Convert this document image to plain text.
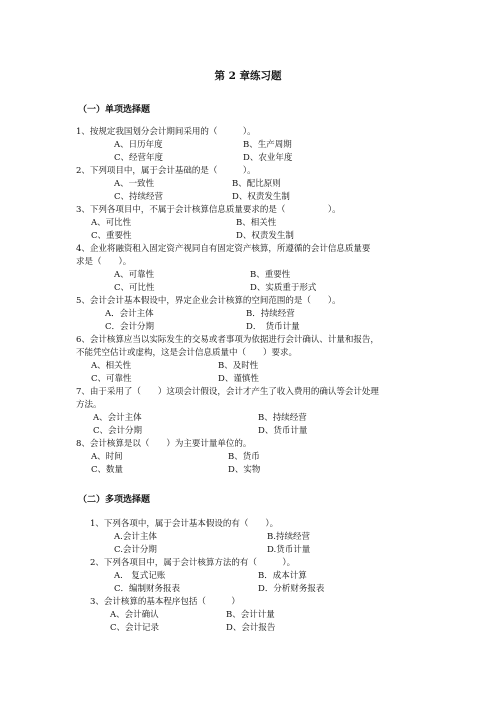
第 2 章练习题
（一）单项选择题
1、按规定我国划分会计期间采用的（　　　）。
A、日历年度	B、生产周期
C、经营年度	D、农业年度
2、下列项目中，属于会计基础的是（　　　）。
A、一致性	B、配比原则
C、持续经营	D、权责发生制
3、下列各项目中，不属于会计核算信息质量要求的是（　　　　　）。
A、可比性	B、相关性
C、重要性	D、权责发生制
4、企业将融资租入固定资产视同自有固定资产核算，所遵循的会计信息质量要
求是（　　）。
A、可靠性	B、重要性
C、可比性	D、实质重于形式
5、会计会计基本假设中，界定企业会计核算的空间范围的是（　　）。
A．会计主体	B．持续经营
C．会计分期	D．　货币计量
6、会计核算应当以实际发生的交易或者事项为依据进行会计确认、计量和报告，
不能凭空估计或虚构，这是会计信息质量中（　　）要求。
A、相关性	B、及时性
C、可靠性	D、谨慎性
7、由于采用了（　　）这项会计假设，会计才产生了收入费用的确认等会计处理
方法。
A、会计主体	B、持续经营
C、会计分期	D、货币计量
8、会计核算是以（　　）为主要计量单位的。
A、时间	B、货币
C、数量	D、实物
（二）多项选择题
1、下列各项中，属于会计基本假设的有（　　）。
A.会计主体	B.持续经营
C.会计分期	D.货币计量
2、下列各项目中，属于会计核算方法的有（　　　）。
A.　复式记账	B．成本计算
C．编制财务报表	D．分析财务报表
3、会计核算的基本程序包括（　　　）
A、会计确认	B、会计计量
C、会计记录	D、会计报告
